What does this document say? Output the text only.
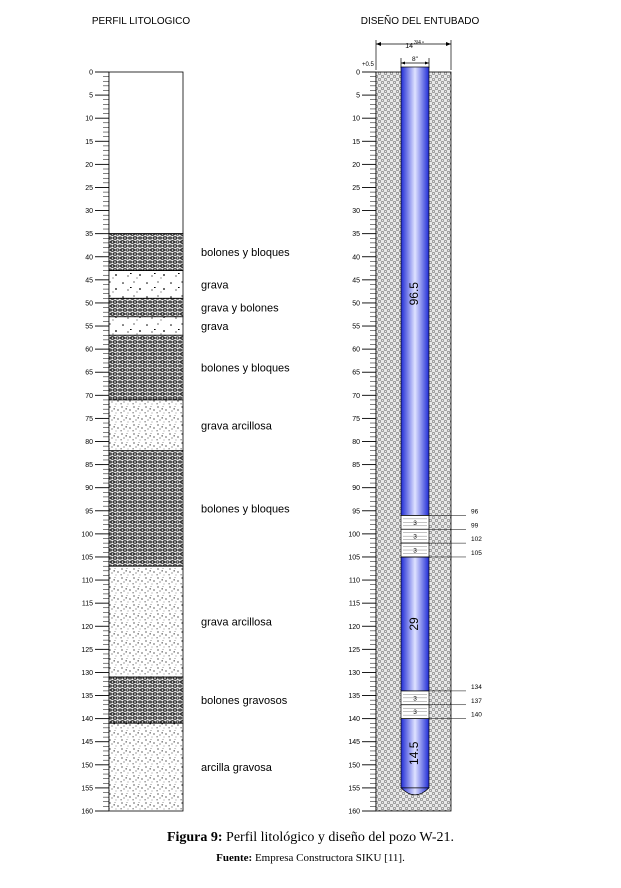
PERFIL LITOLOGICO	DISEÑO DEL ENTUBADO
0
5
10
15
20
25
30
35
40
45
50
55
60
65
70
75
80
85
90
95
100
105
110
115
120
125
130
135
140
145
150
155
160
bolones y bloques
grava
grava y bolones
grava
bolones y bloques
grava arcillosa
bolones y bloques
grava arcillosa
bolones gravosos
arcilla gravosa
0
5
10
15
20
25
30
35
40
45
50
55
60
65
70
75
80
85
90
95
100
105
110
115
120
125
130
135
140
145
150
155
160
96.5
29
14.5
3
3
3
3
3
96
99
102
105
134
137
140
14 3/4 "
8"
+0.5
Figura 9: Perfil litológico y diseño del pozo W-21.
Fuente: Empresa Constructora SIKU [11].
